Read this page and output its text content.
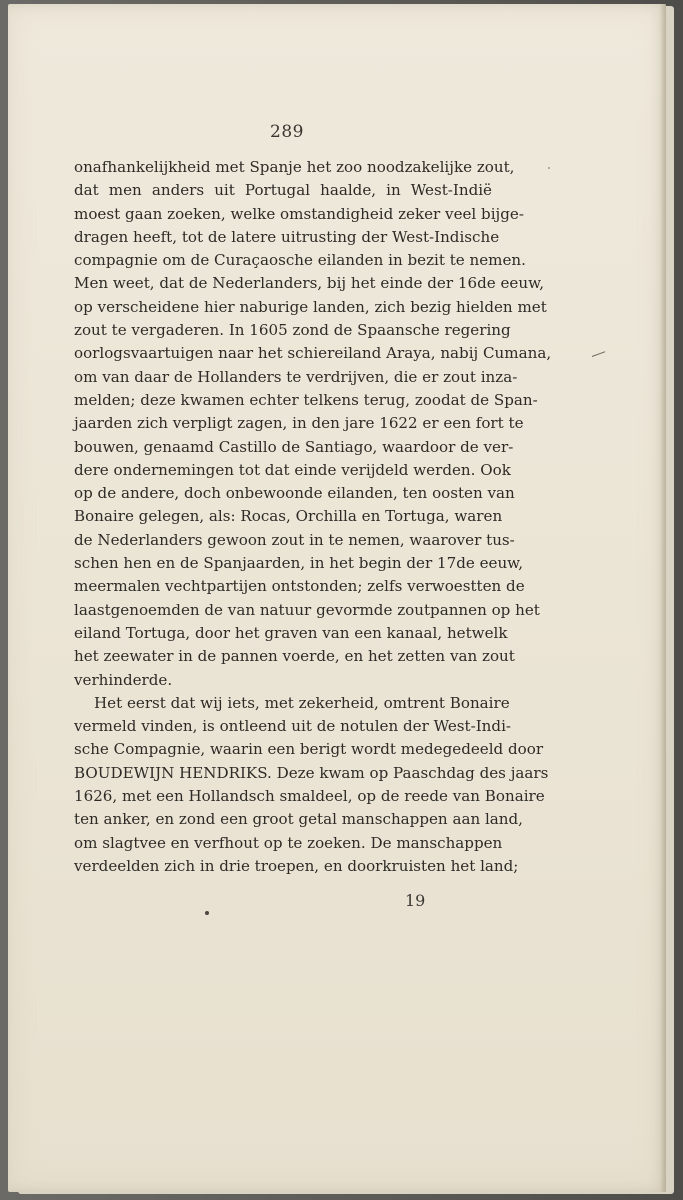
289
onafhankelijkheid met Spanje het zoo noodzakelijke zout,
dat men anders uit Portugal haalde, in West-Indië
moest gaan zoeken, welke omstandigheid zeker veel bijge-
dragen heeft, tot de latere uitrusting der West-Indische
compagnie om de Curaçaosche eilanden in bezit te nemen.
Men weet, dat de Nederlanders, bij het einde der 16de eeuw,
op verscheidene hier naburige landen, zich bezig hielden met
zout te vergaderen. In 1605 zond de Spaansche regering
oorlogsvaartuigen naar het schiereiland Araya, nabij Cumana,
om van daar de Hollanders te verdrijven, die er zout inza-
melden; deze kwamen echter telkens terug, zoodat de Span-
jaarden zich verpligt zagen, in den jare 1622 er een fort te
bouwen, genaamd Castillo de Santiago, waardoor de ver-
dere ondernemingen tot dat einde verijdeld werden. Ook
op de andere, doch onbewoonde eilanden, ten oosten van
Bonaire gelegen, als: Rocas, Orchilla en Tortuga, waren
de Nederlanders gewoon zout in te nemen, waarover tus-
schen hen en de Spanjaarden, in het begin der 17de eeuw,
meermalen vechtpartijen ontstonden; zelfs verwoestten de
laastgenoemden de van natuur gevormde zoutpannen op het
eiland Tortuga, door het graven van een kanaal, hetwelk
het zeewater in de pannen voerde, en het zetten van zout
verhinderde.
Het eerst dat wij iets, met zekerheid, omtrent Bonaire
vermeld vinden, is ontleend uit de notulen der West-Indi-
sche Compagnie, waarin een berigt wordt medegedeeld door
BOUDEWIJN HENDRIKS. Deze kwam op Paaschdag des jaars
1626, met een Hollandsch smaldeel, op de reede van Bonaire
ten anker, en zond een groot getal manschappen aan land,
om slagtvee en verfhout op te zoeken. De manschappen
verdeelden zich in drie troepen, en doorkruisten het land;
19
